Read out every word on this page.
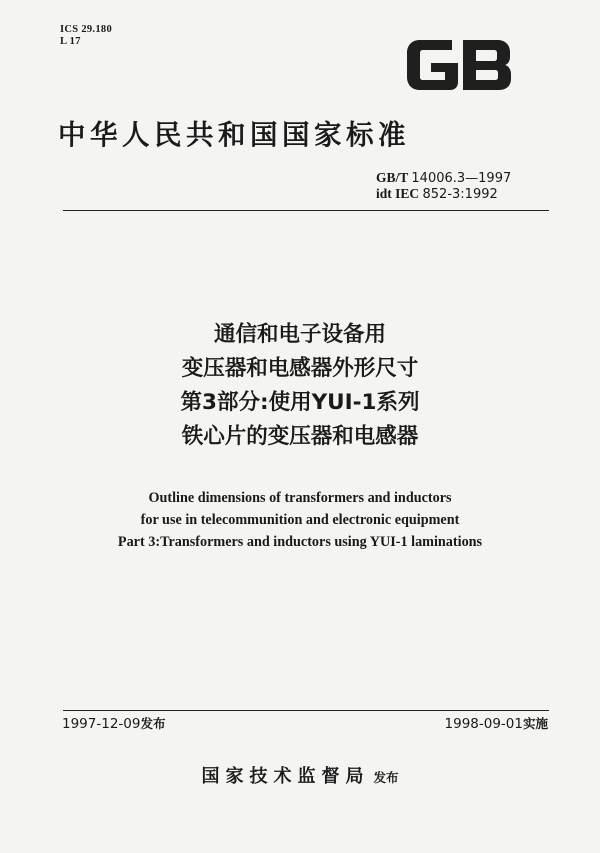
ICS 29.180
L 17
中华人民共和国国家标准
GB/T 14006.3—1997
idt IEC 852-3:1992
通信和电子设备用
变压器和电感器外形尺寸
第3部分:使用YUI-1系列
铁心片的变压器和电感器
Outline dimensions of transformers and inductors
for use in telecommunition and electronic equipment
Part 3:Transformers and inductors using YUI-1 laminations
1997-12-09发布	1998-09-01实施
国家技术监督局 发布
